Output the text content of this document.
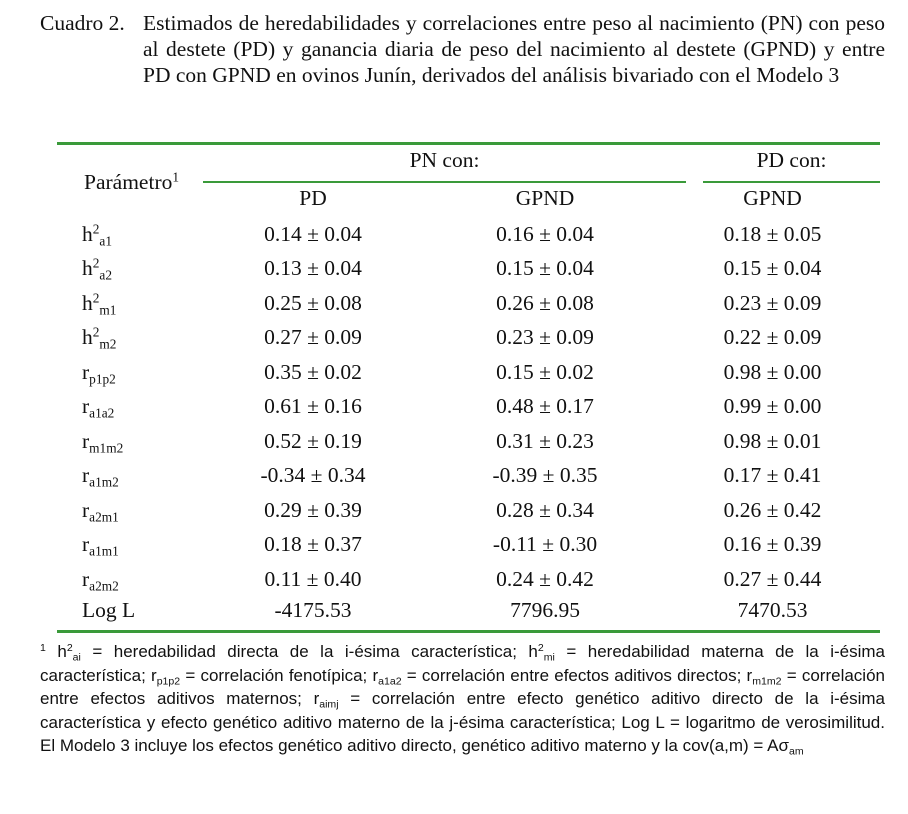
Cuadro 2. Estimados de heredabilidades y correlaciones entre peso al nacimiento (PN) con peso al destete (PD) y ganancia diaria de peso del nacimiento al destete (GPND) y entre PD con GPND en ovinos Junín, derivados del análisis bivariado con el Modelo 3
Parámetro$^1$
PN con:	PD con:
PD	GPND	GPND
$h^2_{a1}$	0.14 ± 0.04	0.16 ± 0.04	0.18 ± 0.05
$h^2_{a2}$	0.13 ± 0.04	0.15 ± 0.04	0.15 ± 0.04
$h^2_{m1}$	0.25 ± 0.08	0.26 ± 0.08	0.23 ± 0.09
$h^2_{m2}$	0.27 ± 0.09	0.23 ± 0.09	0.22 ± 0.09
$r_{p1p2}$	0.35 ± 0.02	0.15 ± 0.02	0.98 ± 0.00
$r_{a1a2}$	0.61 ± 0.16	0.48 ± 0.17	0.99 ± 0.00
$r_{m1m2}$	0.52 ± 0.19	0.31 ± 0.23	0.98 ± 0.01
$r_{a1m2}$	-0.34 ± 0.34	-0.39 ± 0.35	0.17 ± 0.41
$r_{a2m1}$	0.29 ± 0.39	0.28 ± 0.34	0.26 ± 0.42
$r_{a1m1}$	0.18 ± 0.37	-0.11 ± 0.30	0.16 ± 0.39
$r_{a2m2}$	0.11 ± 0.40	0.24 ± 0.42	0.27 ± 0.44
Log L	-4175.53	7796.95	7470.53
$^1$ $h^2_{ai}$ = heredabilidad directa de la i-ésima característica; $h^2_{mi}$ = heredabilidad materna de la i-ésima característica; $r_{p1p2}$ = correlación fenotípica; $r_{a1a2}$ = correlación entre efectos aditivos directos; $r_{m1m2}$ = correlación entre efectos aditivos maternos; $r_{aimj}$ = correlación entre efecto genético aditivo directo de la i-ésima característica y efecto genético aditivo materno de la j-ésima característica; Log L = logaritmo de verosimilitud. El Modelo 3 incluye los efectos genético aditivo directo, genético aditivo materno y la $cov(a,m) = A\sigma_{am}$
